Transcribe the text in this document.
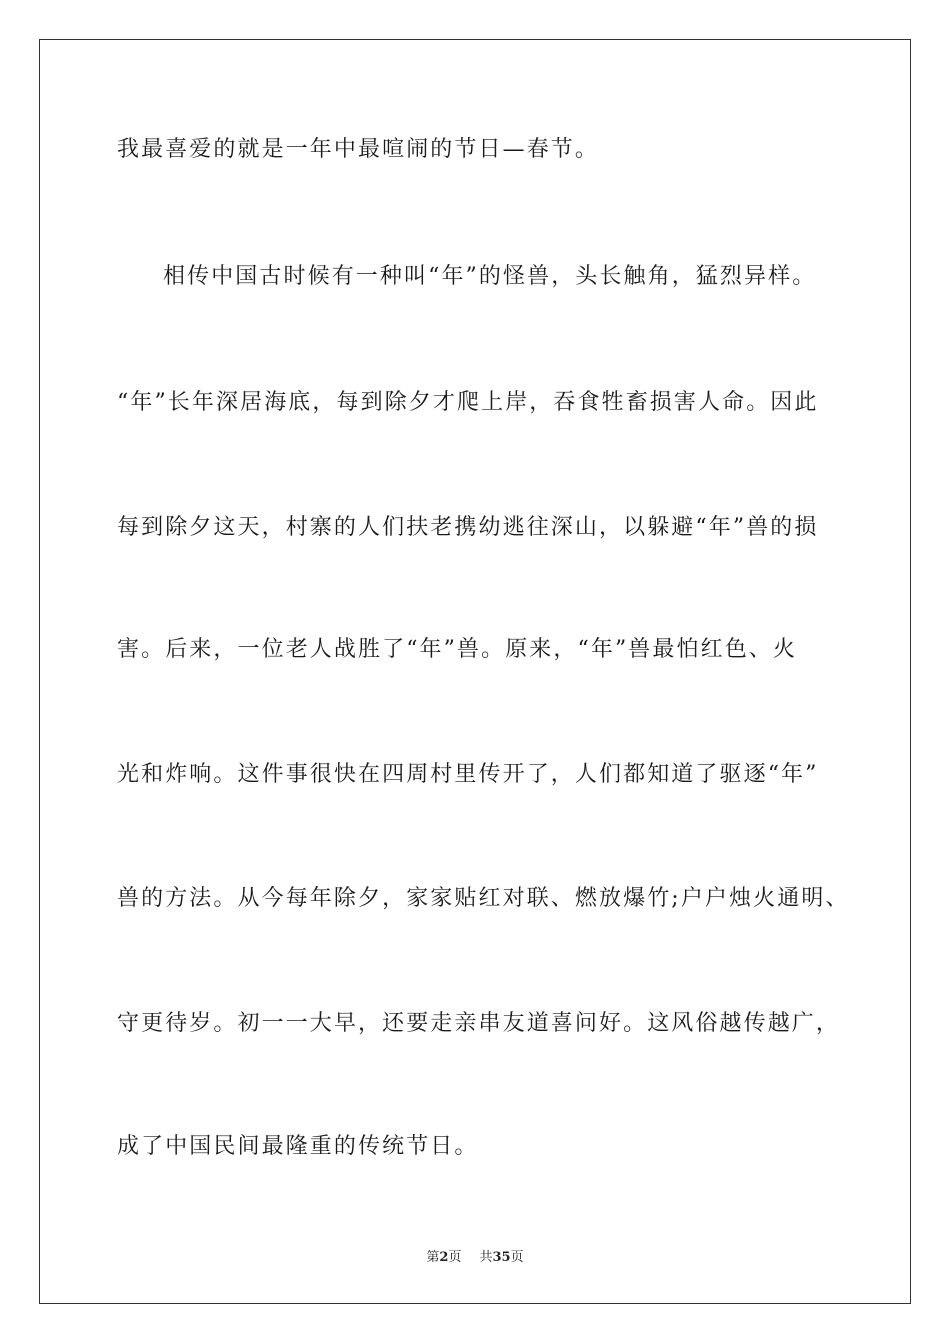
我最喜爱的就是一年中最喧闹的节日—春节。
相传中国古时候有一种叫“年”的怪兽，头长触角，猛烈异样。
“年”长年深居海底，每到除夕才爬上岸，吞食牲畜损害人命。因此
每到除夕这天，村寨的人们扶老携幼逃往深山，以躲避“年”兽的损
害。后来，一位老人战胜了“年”兽。原来，“年”兽最怕红色、火
光和炸响。这件事很快在四周村里传开了，人们都知道了驱逐“年”
兽的方法。从今每年除夕，家家贴红对联、燃放爆竹;户户烛火通明、
守更待岁。初一一大早，还要走亲串友道喜问好。这风俗越传越广，
成了中国民间最隆重的传统节日。
第2页 共35页
